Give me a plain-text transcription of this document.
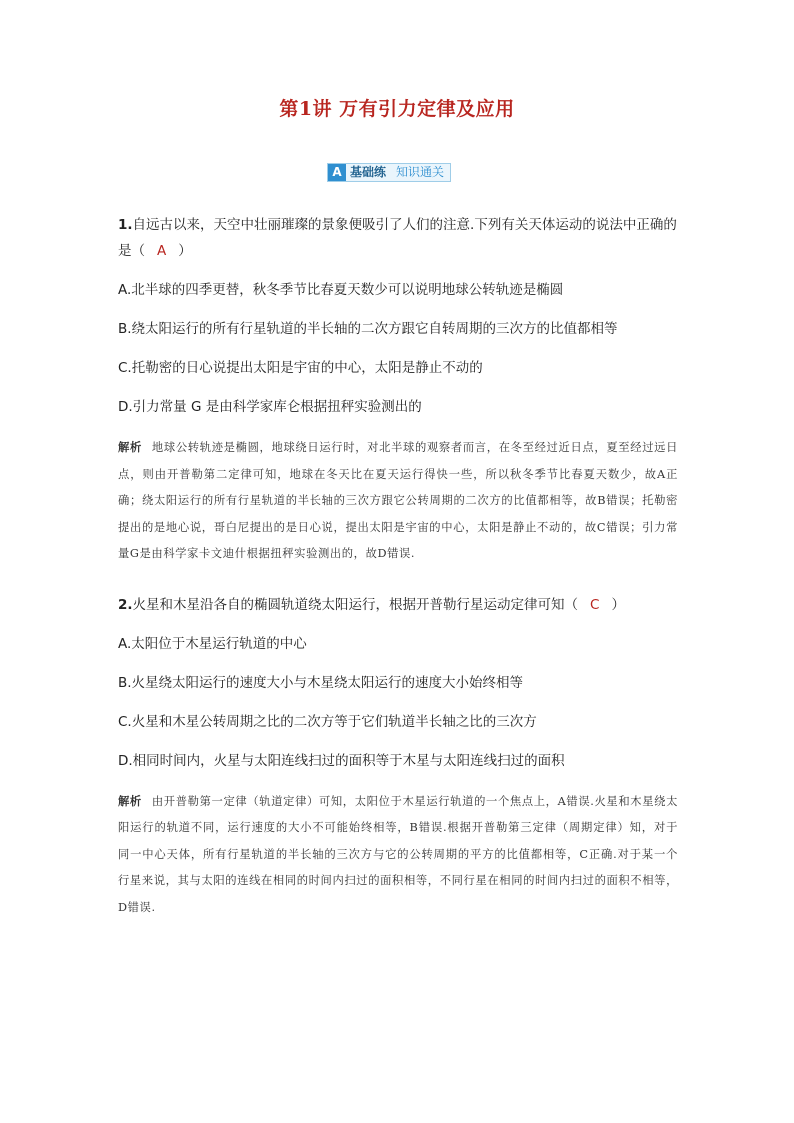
第1讲 万有引力定律及应用
A 基础练 知识通关

1.自远古以来，天空中壮丽璀璨的景象便吸引了人们的注意.下列有关天体运动的说法中正确的是（ A ）

A.北半球的四季更替，秋冬季节比春夏天数少可以说明地球公转轨迹是椭圆

B.绕太阳运行的所有行星轨道的半长轴的二次方跟它自转周期的三次方的比值都相等

C.托勒密的日心说提出太阳是宇宙的中心，太阳是静止不动的

D.引力常量 G 是由科学家库仑根据扭秤实验测出的

解析 地球公转轨迹是椭圆，地球绕日运行时，对北半球的观察者而言，在冬至经过近日点，夏至经过远日点，则由开普勒第二定律可知，地球在冬天比在夏天运行得快一些，所以秋冬季节比春夏天数少，故A正确；绕太阳运行的所有行星轨道的半长轴的三次方跟它公转周期的二次方的比值都相等，故B错误；托勒密提出的是地心说，哥白尼提出的是日心说，提出太阳是宇宙的中心，太阳是静止不动的，故C错误；引力常量G是由科学家卡文迪什根据扭秤实验测出的，故D错误.

2.火星和木星沿各自的椭圆轨道绕太阳运行，根据开普勒行星运动定律可知（ C ）

A.太阳位于木星运行轨道的中心

B.火星绕太阳运行的速度大小与木星绕太阳运行的速度大小始终相等

C.火星和木星公转周期之比的二次方等于它们轨道半长轴之比的三次方

D.相同时间内，火星与太阳连线扫过的面积等于木星与太阳连线扫过的面积

解析 由开普勒第一定律（轨道定律）可知，太阳位于木星运行轨道的一个焦点上，A错误.火星和木星绕太阳运行的轨道不同，运行速度的大小不可能始终相等，B错误.根据开普勒第三定律（周期定律）知，对于同一中心天体，所有行星轨道的半长轴的三次方与它的公转周期的平方的比值都相等，C正确.对于某一个行星来说，其与太阳的连线在相同的时间内扫过的面积相等，不同行星在相同的时间内扫过的面积不相等，D错误.
